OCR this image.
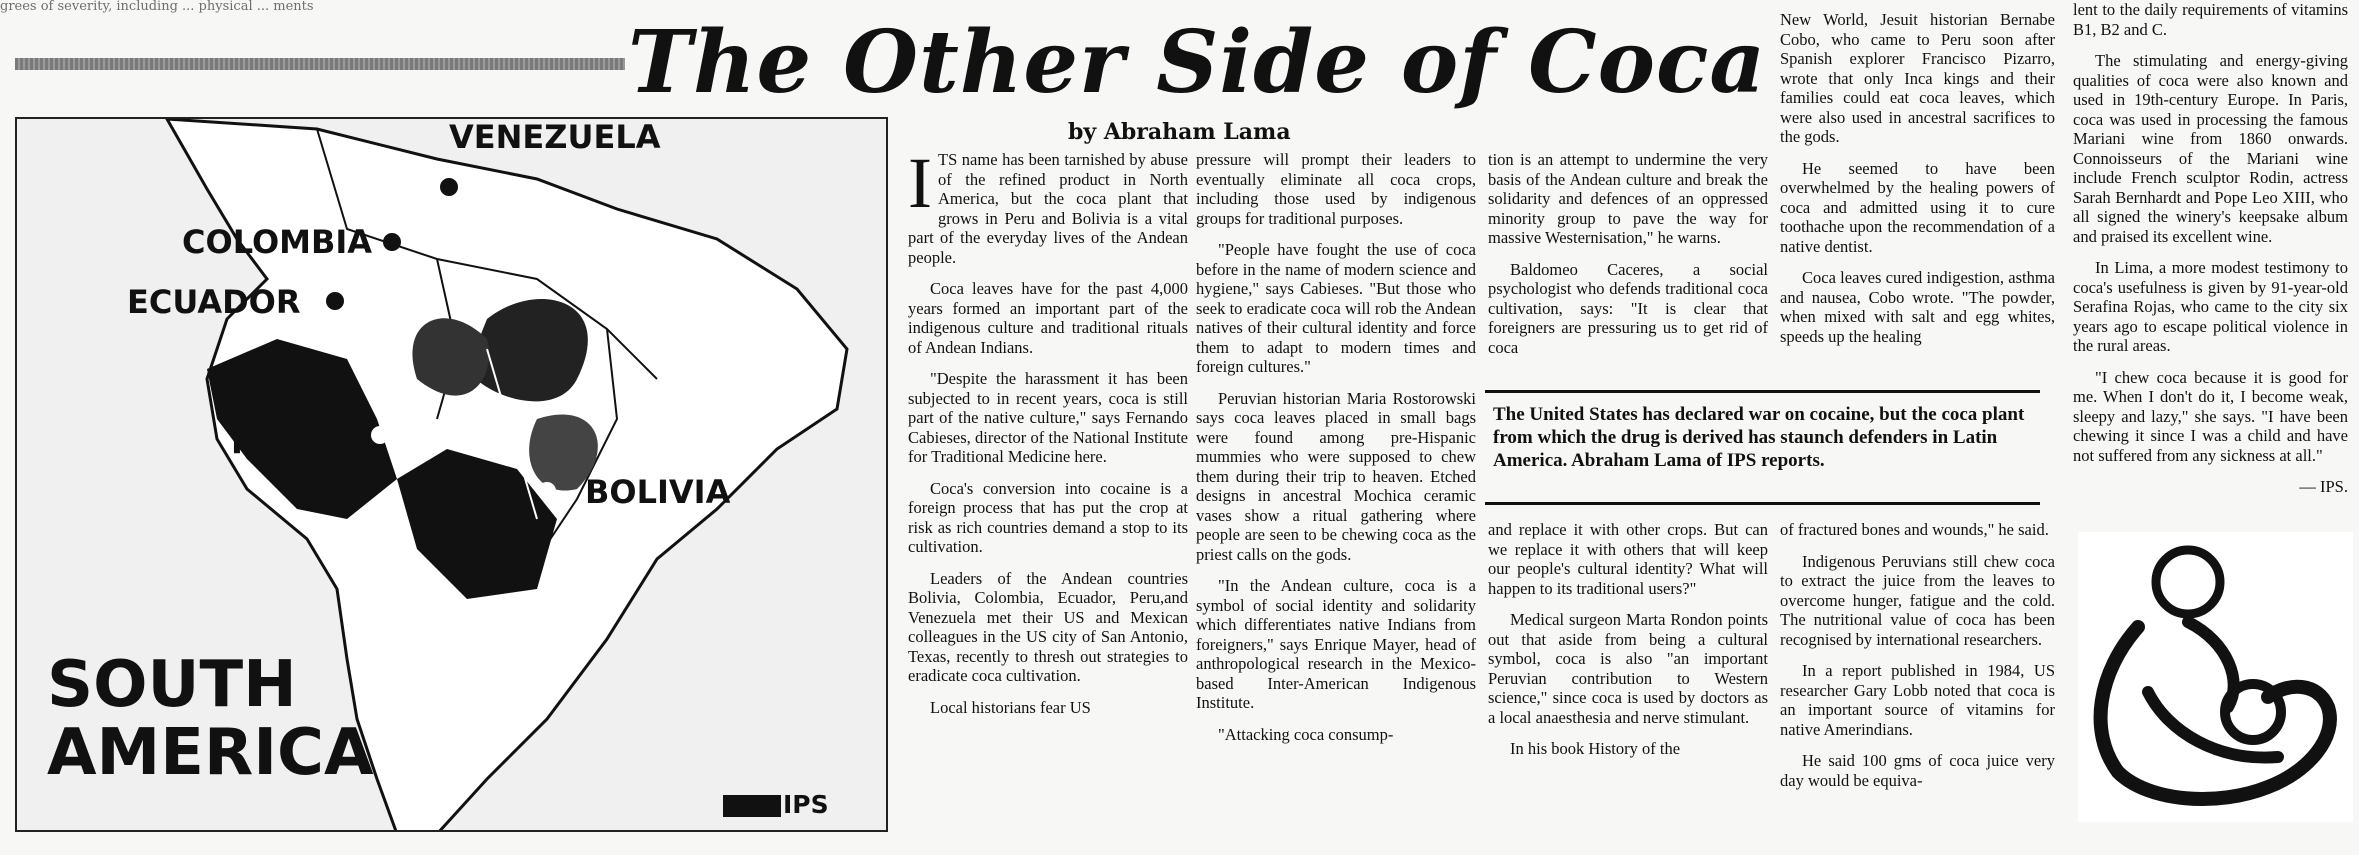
grees of severity, including ... physical ... ments
The Other Side of Coca
by Abraham Lama
VENEZUELA
COLOMBIA
ECUADOR
PERU
BOLIVIA
SOUTH
AMERICA
IPS

ITS name has been tarnished by abuse of the refined product in North America, but the coca plant that grows in Peru and Bolivia is a vital part of the everyday lives of the Andean people.

Coca leaves have for the past 4,000 years formed an important part of the indigenous culture and traditional rituals of Andean Indians.

"Despite the harassment it has been subjected to in recent years, coca is still part of the native culture," says Fernando Cabieses, director of the National Institute for Traditional Medicine here.

Coca's conversion into cocaine is a foreign process that has put the crop at risk as rich countries demand a stop to its cultivation.

Leaders of the Andean countries Bolivia, Colombia, Ecuador, Peru,and Venezuela met their US and Mexican colleagues in the US city of San Antonio, Texas, recently to thresh out strategies to eradicate coca cultivation.

Local historians fear US

pressure will prompt their leaders to eventually eliminate all coca crops, including those used by indigenous groups for traditional purposes.

"People have fought the use of coca before in the name of modern science and hygiene," says Cabieses. "But those who seek to eradicate coca will rob the Andean natives of their cultural identity and force them to adapt to modern times and foreign cultures."

Peruvian historian Maria Rostorowski says coca leaves placed in small bags were found among pre-Hispanic mummies who were supposed to chew them during their trip to heaven. Etched designs in ancestral Mochica ceramic vases show a ritual gathering where people are seen to be chewing coca as the priest calls on the gods.

"In the Andean culture, coca is a symbol of social identity and solidarity which differentiates native Indians from foreigners," says Enrique Mayer, head of anthropological research in the Mexico-based Inter-American Indigenous Institute.

"Attacking coca consump-

tion is an attempt to undermine the very basis of the Andean culture and break the solidarity and defences of an oppressed minority group to pave the way for massive Westernisation," he warns.

Baldomeo Caceres, a social psychologist who defends traditional coca cultivation, says: "It is clear that foreigners are pressuring us to get rid of coca

New World, Jesuit historian Bernabe Cobo, who came to Peru soon after Spanish explorer Francisco Pizarro, wrote that only Inca kings and their families could eat coca leaves, which were also used in ancestral sacrifices to the gods.

He seemed to have been overwhelmed by the healing powers of coca and admitted using it to cure toothache upon the recommendation of a native dentist.

Coca leaves cured indigestion, asthma and nausea, Cobo wrote. "The powder, when mixed with salt and egg whites, speeds up the healing

The United States has declared war on cocaine, but the coca plant from which the drug is derived has staunch defenders in Latin America. Abraham Lama of IPS reports.

and replace it with other crops. But can we replace it with others that will keep our people's cultural identity? What will happen to its traditional users?"

Medical surgeon Marta Rondon points out that aside from being a cultural symbol, coca is also "an important Peruvian contribution to Western science," since coca is used by doctors as a local anaesthesia and nerve stimulant.

In his book History of the

of fractured bones and wounds," he said.

Indigenous Peruvians still chew coca to extract the juice from the leaves to overcome hunger, fatigue and the cold. The nutritional value of coca has been recognised by international researchers.

In a report published in 1984, US researcher Gary Lobb noted that coca is an important source of vitamins for native Amerindians.

He said 100 gms of coca juice very day would be equiva-

lent to the daily requirements of vitamins B1, B2 and C.

The stimulating and energy-giving qualities of coca were also known and used in 19th-century Europe. In Paris, coca was used in processing the famous Mariani wine from 1860 onwards. Connoisseurs of the Mariani wine include French sculptor Rodin, actress Sarah Bernhardt and Pope Leo XIII, who all signed the winery's keepsake album and praised its excellent wine.

In Lima, a more modest testimony to coca's usefulness is given by 91-year-old Serafina Rojas, who came to the city six years ago to escape political violence in the rural areas.

"I chew coca because it is good for me. When I don't do it, I become weak, sleepy and lazy," she says. "I have been chewing it since I was a child and have not suffered from any sickness at all."

— IPS.
